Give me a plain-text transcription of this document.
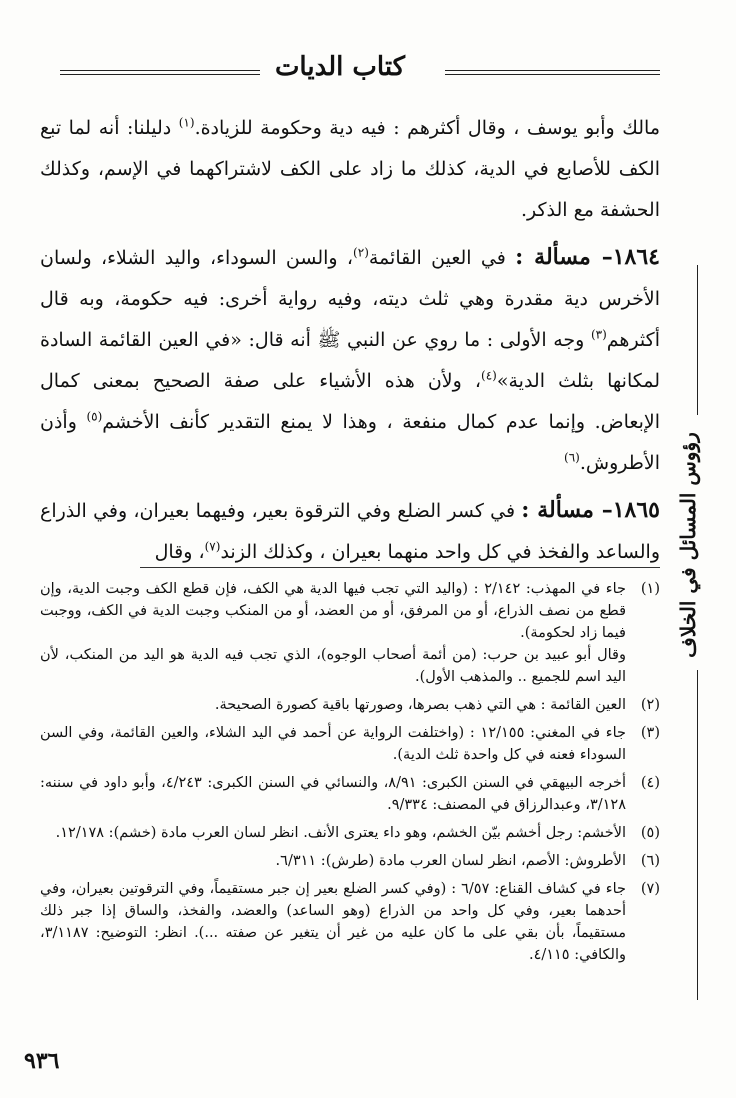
كتاب الديات

مالك وأبو يوسف ، وقال أكثرهم : فيه دية وحكومة للزيادة.$^{(١)}$ دليلنا: أنه لما تبع الكف للأصابع في الدية، كذلك ما زاد على الكف لاشتراكهما في الإسم، وكذلك الحشفة مع الذكر.

١٨٦٤– مسألة : في العين القائمة$^{(٢)}$، والسن السوداء، واليد الشلاء، ولسان الأخرس دية مقدرة وهي ثلث ديته، وفيه رواية أخرى: فيه حكومة، وبه قال أكثرهم$^{(٣)}$ وجه الأولى : ما روي عن النبي ﷺ أنه قال: «في العين القائمة السادة لمكانها بثلث الدية»$^{(٤)}$، ولأن هذه الأشياء على صفة الصحيح بمعنى كمال الإبعاض. وإنما عدم كمال منفعة ، وهذا لا يمنع التقدير كأنف الأخشم$^{(٥)}$ وأذن الأطروش.$^{(٦)}$

١٨٦٥– مسألة : في كسر الضلع وفي الترقوة بعير، وفيهما بعيران، وفي الذراع والساعد والفخذ في كل واحد منهما بعيران ، وكذلك الزند$^{(٧)}$، وقال

(١)

جاء في المهذب: ٢/١٤٢ : (واليد التي تجب فيها الدية هي الكف، فإن قطع الكف وجبت الدية، وإن قطع من نصف الذراع، أو من المرفق، أو من العضد، أو من المنكب وجبت الدية في الكف، ووجبت فيما زاد لحكومة).

وقال أبو عبيد بن حرب: (من أئمة أصحاب الوجوه)، الذي تجب فيه الدية هو اليد من المنكب، لأن اليد اسم للجميع .. والمذهب الأول).

(٢)

العين القائمة : هي التي ذهب بصرها، وصورتها باقية كصورة الصحيحة.

(٣)

جاء في المغني: ١٢/١٥٥ : (واختلفت الرواية عن أحمد في اليد الشلاء، والعين القائمة، وفي السن السوداء فعنه في كل واحدة ثلث الدية).

(٤)

أخرجه البيهقي في السنن الكبرى: ٨/٩١، والنسائي في السنن الكبرى: ٤/٢٤٣، وأبو داود في سننه: ٣/١٢٨، وعبدالرزاق في المصنف: ٩/٣٣٤.

(٥)

الأخشم: رجل أخشم بيّن الخشم، وهو داء يعترى الأنف. انظر لسان العرب مادة (خشم): ١٢/١٧٨.

(٦)

الأطروش: الأصم، انظر لسان العرب مادة (طرش): ٦/٣١١.

(٧)

جاء في كشاف القناع: ٦/٥٧ : (وفي كسر الضلع بعير إن جبر مستقيماً، وفي الترقوتين بعيران، وفي أحدهما بعير، وفي كل واحد من الذراع (وهو الساعد) والعضد، والفخذ، والساق إذا جبر ذلك مستقيماً، بأن بقي على ما كان عليه من غير أن يتغير عن صفته ...). انظر: التوضيح: ٣/١١٨٧، والكافي: ٤/١١٥.

رؤوس المسائل في الخلاف
٩٣٦
